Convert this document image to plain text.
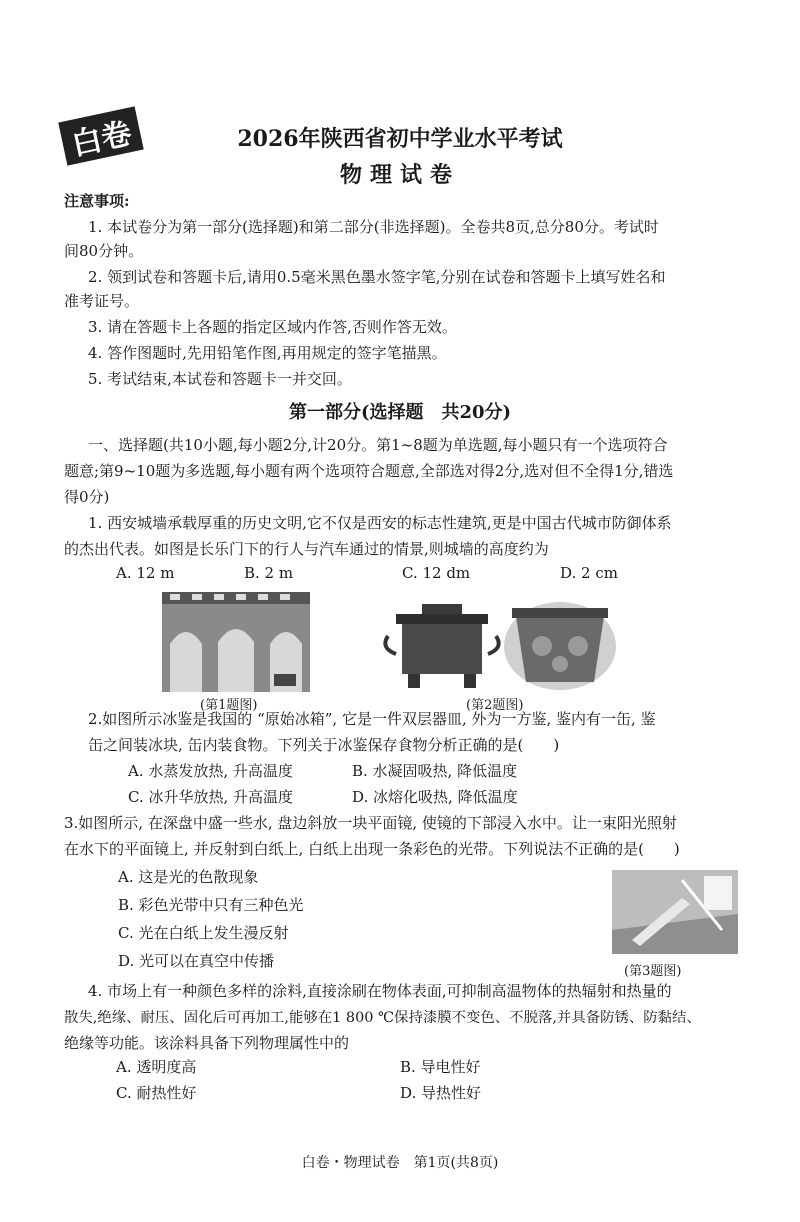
白卷	2026年陕西省初中学业水平考试
物理试卷
注意事项:
1. 本试卷分为第一部分(选择题)和第二部分(非选择题)。全卷共8页,总分80分。考试时
间80分钟。
2. 领到试卷和答题卡后,请用0.5毫米黑色墨水签字笔,分别在试卷和答题卡上填写姓名和
准考证号。
3. 请在答题卡上各题的指定区域内作答,否则作答无效。
4. 答作图题时,先用铅笔作图,再用规定的签字笔描黑。
5. 考试结束,本试卷和答题卡一并交回。
第一部分(选择题　共20分)
一、选择题(共10小题,每小题2分,计20分。第1~8题为单选题,每小题只有一个选项符合
题意;第9~10题为多选题,每小题有两个选项符合题意,全部选对得2分,选对但不全得1分,错选
得0分)
1. 西安城墙承载厚重的历史文明,它不仅是西安的标志性建筑,更是中国古代城市防御体系
的杰出代表。如图是长乐门下的行人与汽车通过的情景,则城墙的高度约为
A. 12 m	B. 2 m	C. 12 dm	D. 2 cm
(第1题图)	(第2题图)
2.如图所示冰鉴是我国的 “原始冰箱”, 它是一件双层器皿, 外为一方鉴, 鉴内有一缶, 鉴
缶之间装冰块, 缶内装食物。下列关于冰鉴保存食物分析正确的是(　　)
A. 水蒸发放热, 升高温度	B. 水凝固吸热, 降低温度
C. 冰升华放热, 升高温度	D. 冰熔化吸热, 降低温度
3.如图所示, 在深盘中盛一些水, 盘边斜放一块平面镜, 使镜的下部浸入水中。让一束阳光照射
在水下的平面镜上, 并反射到白纸上, 白纸上出现一条彩色的光带。下列说法不正确的是(　　)
A. 这是光的色散现象
B. 彩色光带中只有三种色光
C. 光在白纸上发生漫反射
D. 光可以在真空中传播
(第3题图)
4. 市场上有一种颜色多样的涂料,直接涂刷在物体表面,可抑制高温物体的热辐射和热量的
散失,绝缘、耐压、固化后可再加工,能够在1 800 ℃保持漆膜不变色、不脱落,并具备防锈、防黏结、
绝缘等功能。该涂料具备下列物理属性中的
A. 透明度高	B. 导电性好
C. 耐热性好	D. 导热性好
白卷・物理试卷　第1页(共8页)
